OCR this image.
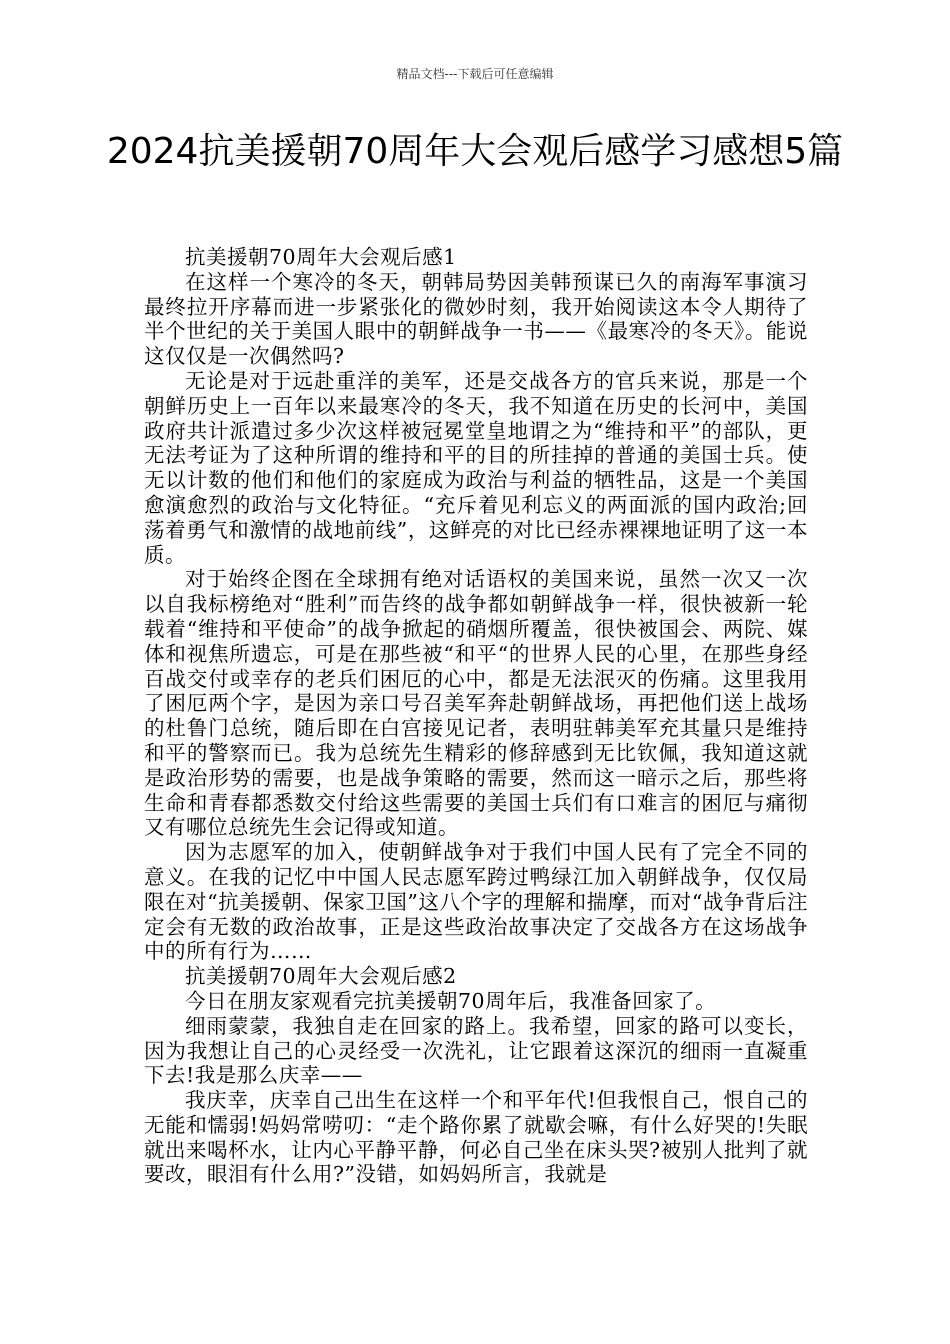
精品文档---下载后可任意编辑
2024抗美援朝70周年大会观后感学习感想5篇

抗美援朝70周年大会观后感1

在这样一个寒冷的冬天，朝韩局势因美韩预谋已久的南海军事演习最终拉开序幕而进一步紧张化的微妙时刻，我开始阅读这本令人期待了半个世纪的关于美国人眼中的朝鲜战争一书——《最寒冷的冬天》。能说这仅仅是一次偶然吗?

无论是对于远赴重洋的美军，还是交战各方的官兵来说，那是一个朝鲜历史上一百年以来最寒冷的冬天，我不知道在历史的长河中，美国政府共计派遣过多少次这样被冠冕堂皇地谓之为“维持和平”的部队，更无法考证为了这种所谓的维持和平的目的所挂掉的普通的美国士兵。使无以计数的他们和他们的家庭成为政治与利益的牺牲品，这是一个美国愈演愈烈的政治与文化特征。“充斥着见利忘义的两面派的国内政治;回荡着勇气和激情的战地前线”，这鲜亮的对比已经赤裸裸地证明了这一本质。

对于始终企图在全球拥有绝对话语权的美国来说，虽然一次又一次以自我标榜绝对“胜利”而告终的战争都如朝鲜战争一样，很快被新一轮载着“维持和平使命”的战争掀起的硝烟所覆盖，很快被国会、两院、媒体和视焦所遗忘，可是在那些被“和平“的世界人民的心里，在那些身经百战交付或幸存的老兵们困厄的心中，都是无法泯灭的伤痛。这里我用了困厄两个字，是因为亲口号召美军奔赴朝鲜战场，再把他们送上战场的杜鲁门总统，随后即在白宫接见记者，表明驻韩美军充其量只是维持和平的警察而已。我为总统先生精彩的修辞感到无比钦佩，我知道这就是政治形势的需要，也是战争策略的需要，然而这一暗示之后，那些将生命和青春都悉数交付给这些需要的美国士兵们有口难言的困厄与痛彻又有哪位总统先生会记得或知道。

因为志愿军的加入，使朝鲜战争对于我们中国人民有了完全不同的意义。在我的记忆中中国人民志愿军跨过鸭绿江加入朝鲜战争，仅仅局限在对“抗美援朝、保家卫国”这八个字的理解和揣摩，而对“战争背后注定会有无数的政治故事，正是这些政治故事决定了交战各方在这场战争中的所有行为……

抗美援朝70周年大会观后感2

今日在朋友家观看完抗美援朝70周年后，我准备回家了。

细雨蒙蒙，我独自走在回家的路上。我希望，回家的路可以变长，因为我想让自己的心灵经受一次洗礼，让它跟着这深沉的细雨一直凝重下去!我是那么庆幸——

我庆幸，庆幸自己出生在这样一个和平年代!但我恨自己，恨自己的无能和懦弱!妈妈常唠叨：“走个路你累了就歇会嘛，有什么好哭的!失眠就出来喝杯水，让内心平静平静，何必自己坐在床头哭?被别人批判了就要改，眼泪有什么用?”没错，如妈妈所言，我就是
